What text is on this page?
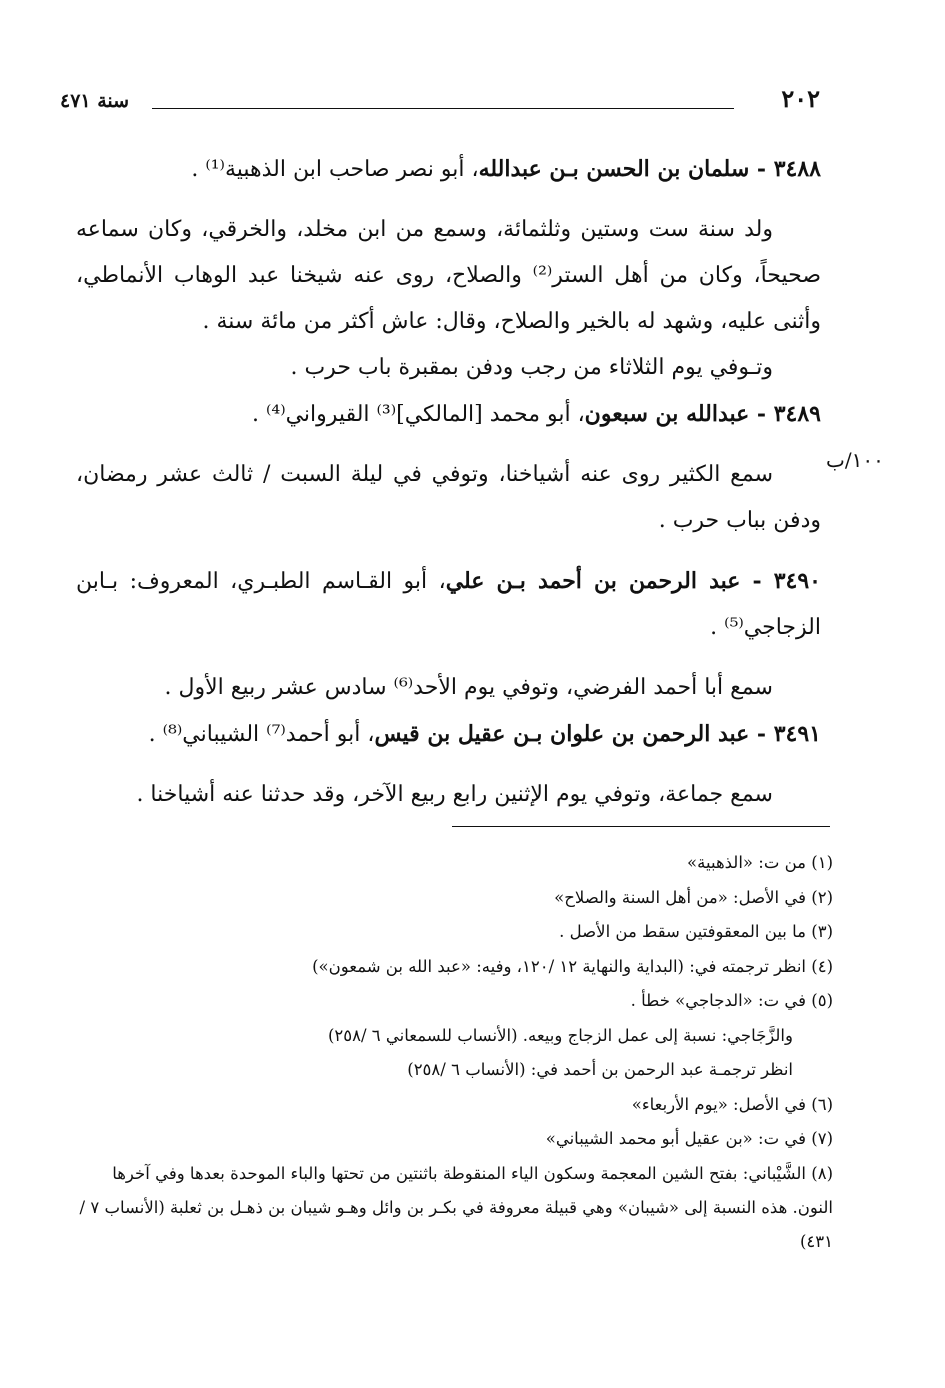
٢٠٢
سنة ٤٧١
١٠٠/ب

٣٤٨٨ - سلمان بن الحسن بـن عبدالله، أبو نصر صاحب ابن الذهبية⁽¹⁾ .

ولد سنة ست وستين وثلثمائة، وسمع من ابن مخلد، والخرقي، وكان سماعه صحيحاً، وكان من أهل الستر⁽²⁾ والصلاح، روى عنه شيخنا عبد الوهاب الأنماطي، وأثنى عليه، وشهد له بالخير والصلاح، وقال: عاش أكثر من مائة سنة .

وتـوفي يوم الثلاثاء من رجب ودفن بمقبرة باب حرب .

٣٤٨٩ - عبدالله بن سبعون، أبو محمد [المالكي]⁽³⁾ القيرواني⁽⁴⁾ .

سمع الكثير روى عنه أشياخنا، وتوفي في ليلة السبت / ثالث عشر رمضان، ودفن بباب حرب .

٣٤٩٠ - عبد الرحمن بن أحمد بـن علي، أبو القـاسم الطبـري، المعروف: بـابن الزجاجي⁽⁵⁾ .

سمع أبا أحمد الفرضي، وتوفي يوم الأحد⁽⁶⁾ سادس عشر ربيع الأول .

٣٤٩١ - عبد الرحمن بن علوان بـن عقيل بن قيس، أبو أحمد⁽⁷⁾ الشيباني⁽⁸⁾ .

سمع جماعة، وتوفي يوم الإثنين رابع ربيع الآخر، وقد حدثنا عنه أشياخنا .

(١) من ت: «الذهبية»
(٢) في الأصل: «من أهل السنة والصلاح»
(٣) ما بين المعقوفتين سقط من الأصل .
(٤) انظر ترجمته في: (البداية والنهاية ١٢ /١٢٠، وفيه: «عبد الله بن شمعون»)
(٥) في ت: «الدجاجي» خطأ .
والزَّجَاجي: نسبة إلى عمل الزجاج وبيعه. (الأنساب للسمعاني ٦ /٢٥٨)
انظر ترجمـة عبد الرحمن بن أحمد في: (الأنساب ٦ /٢٥٨)
(٦) في الأصل: «يوم الأربعاء»
(٧) في ت: «بن عقيل أبو محمد الشيباني»
(٨) الشَّيْباني: بفتح الشين المعجمة وسكون الياء المنقوطة باثنتين من تحتها والباء الموحدة بعدها وفي آخرها النون. هذه النسبة إلى «شيبان» وهي قبيلة معروفة في بكـر بن وائل وهـو شيبان بن ذهـل بن ثعلبة (الأنساب ٧ /٤٣١)
